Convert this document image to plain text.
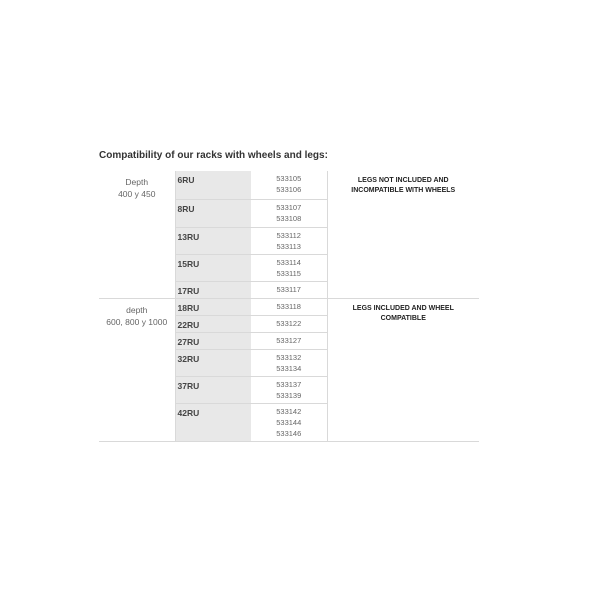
Compatibility of our racks with wheels and legs:
Depth
400 y 450	6RU	533105
533106	LEGS NOT INCLUDED AND
INCOMPATIBLE WITH WHEELS

	8RU	533107
533108	

	13RU	533112
533113	

	15RU	533114
533115	

	17RU	533117	

depth
600, 800 y 1000	18RU	533118	LEGS INCLUDED AND WHEEL
COMPATIBLE

	22RU	533122	

	27RU	533127	

	32RU	533132
533134	

	37RU	533137
533139	

	42RU	533142
533144
533146	
